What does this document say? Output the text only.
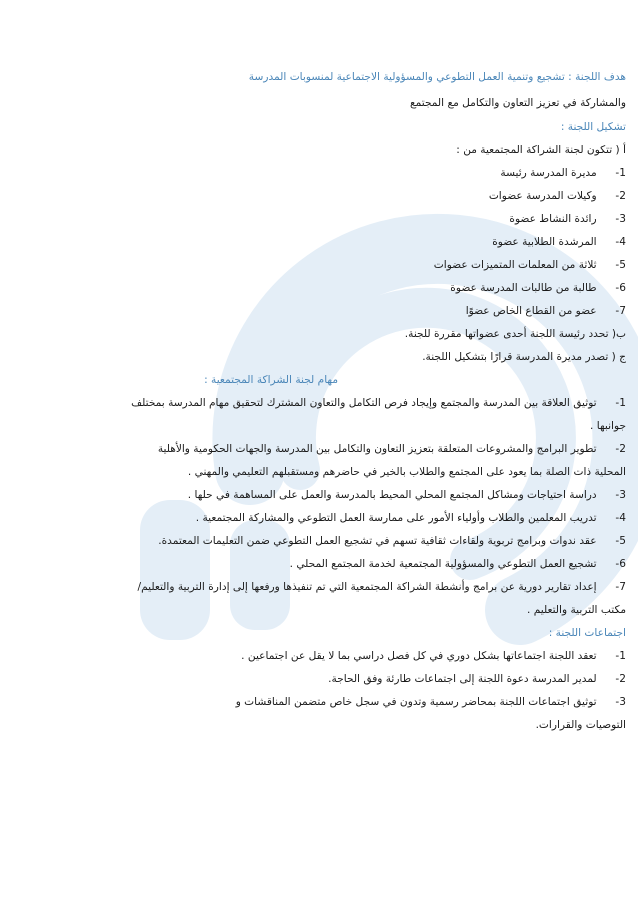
هدف اللجنة : تشجيع وتنمية العمل التطوعي والمسؤولية الاجتماعية لمنسوبات المدرسة
والمشاركة في تعزيز التعاون والتكامل مع المجتمع
تشكيل اللجنة :
أ ( تتكون لجنة الشراكة المجتمعية من :
1- مديرة المدرسة رئيسة
2- وكيلات المدرسة عضوات
3- رائدة النشاط عضوة
4- المرشدة الطلابية عضوة
5- ثلاثة من المعلمات المتميزات عضوات
6- طالبة من طالبات المدرسة عضوة
7- عضو من القطاع الخاص عضوًا
ب( تحدد رئيسة اللجنة أحدى عضواتها مقررة للجنة.
ج ( تصدر مديرة المدرسة قرارًا بتشكيل اللجنة.
مهام لجنة الشراكة المجتمعية :
1- توثيق العلاقة بين المدرسة والمجتمع وإيجاد فرص التكامل والتعاون المشترك لتحقيق مهام المدرسة بمختلف
جوانبها .
2- تطوير البرامج والمشروعات المتعلقة بتعزيز التعاون والتكامل بين المدرسة والجهات الحكومية والأهلية
المحلية ذات الصلة بما يعود على المجتمع والطلاب بالخير في حاضرهم ومستقبلهم التعليمي والمهني .
3- دراسة احتياجات ومشاكل المجتمع المحلي المحيط بالمدرسة والعمل على المساهمة في حلها .
4- تدريب المعلمين والطلاب وأولياء الأمور على ممارسة العمل التطوعي والمشاركة المجتمعية .
5- عقد ندوات وبرامج تربوية ولقاءات ثقافية تسهم في تشجيع العمل التطوعي ضمن التعليمات المعتمدة.
6- تشجيع العمل التطوعي والمسؤولية المجتمعية لخدمة المجتمع المحلي .
7- إعداد تقارير دورية عن برامج وأنشطة الشراكة المجتمعية التي تم تنفيذها ورفعها إلى إدارة التربية والتعليم/
مكتب التربية والتعليم .
اجتماعات اللجنة :
1- تعقد اللجنة اجتماعاتها بشكل دوري في كل فصل دراسي بما لا يقل عن اجتماعين .
2- لمدير المدرسة دعوة اللجنة إلى اجتماعات طارئة وفق الحاجة.
3- توثيق اجتماعات اللجنة بمحاضر رسمية وتدون في سجل خاص متضمن المناقشات و
التوصيات والقرارات.
